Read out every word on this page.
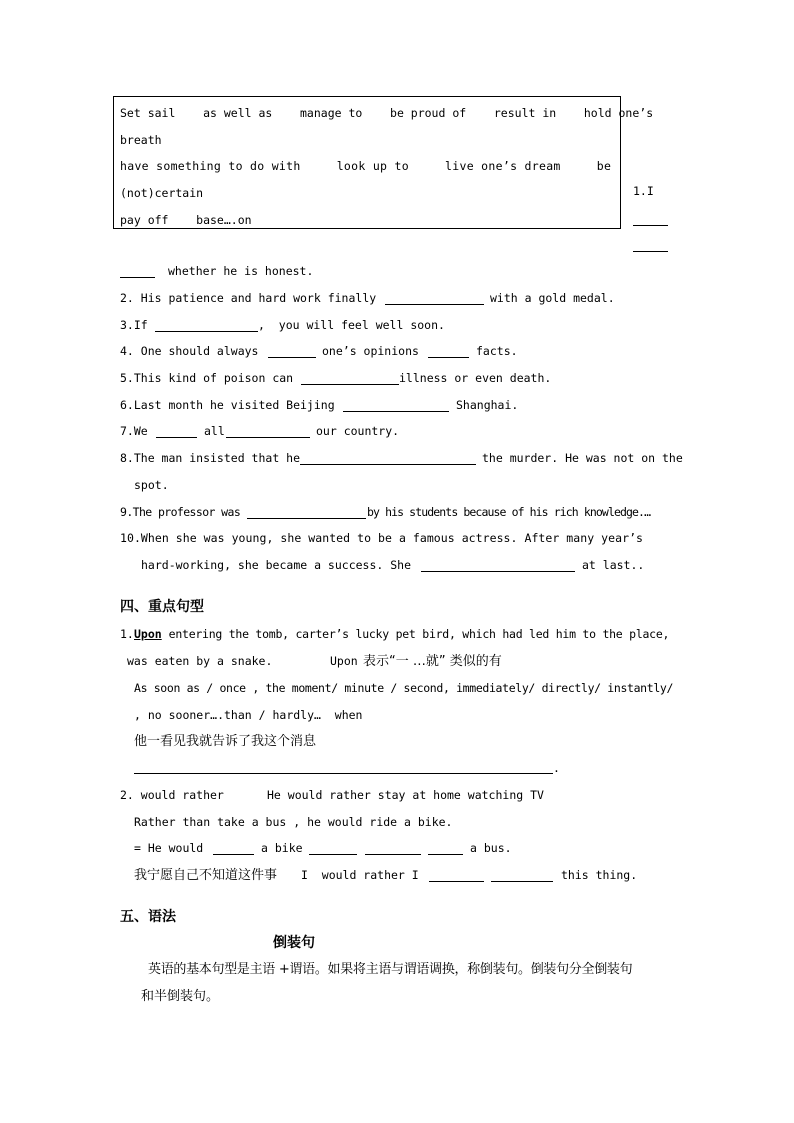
Set sail    as well as    manage to    be proud of    result in    hold one’s
breath
have something to do with     look up to     live one’s dream     be
(not)certain
pay off    base….on
1.I
whether he is honest.
2. His patience and hard work finally	with a gold medal.
3.If	,  you will feel well soon.
4. One should always	one’s opinions	facts.
5.This kind of poison can	illness or even death.
6.Last month he visited Beijing	Shanghai.
7.We	all	our country.
8.The man insisted that he	the murder. He was not on the
spot.
9.The professor was	by his students because of his rich knowledge.…
10.When she was young, she wanted to be a famous actress. After many year’s
hard-working, she became a success. She	at last..
四、重点句型
1. Upon entering the tomb, carter’s lucky pet bird, which had led him to the place,
was eaten by a snake.	Upon 表示“一 …就” 类似的有
As soon as / once , the moment/ minute / second, immediately/ directly/ instantly/
, no sooner….than / hardly…  when
他一看见我就告诉了我这个消息
.
2. would rather	He would rather stay at home watching TV
Rather than take a bus , he would ride a bike.
= He would	a bike	a bus.
我宁愿自己不知道这件事 I  would rather I	this thing.
五、语法
倒装句
英语的基本句型是主语 +谓语。如果将主语与谓语调换，称倒装句。倒装句分全倒装句
和半倒装句。
